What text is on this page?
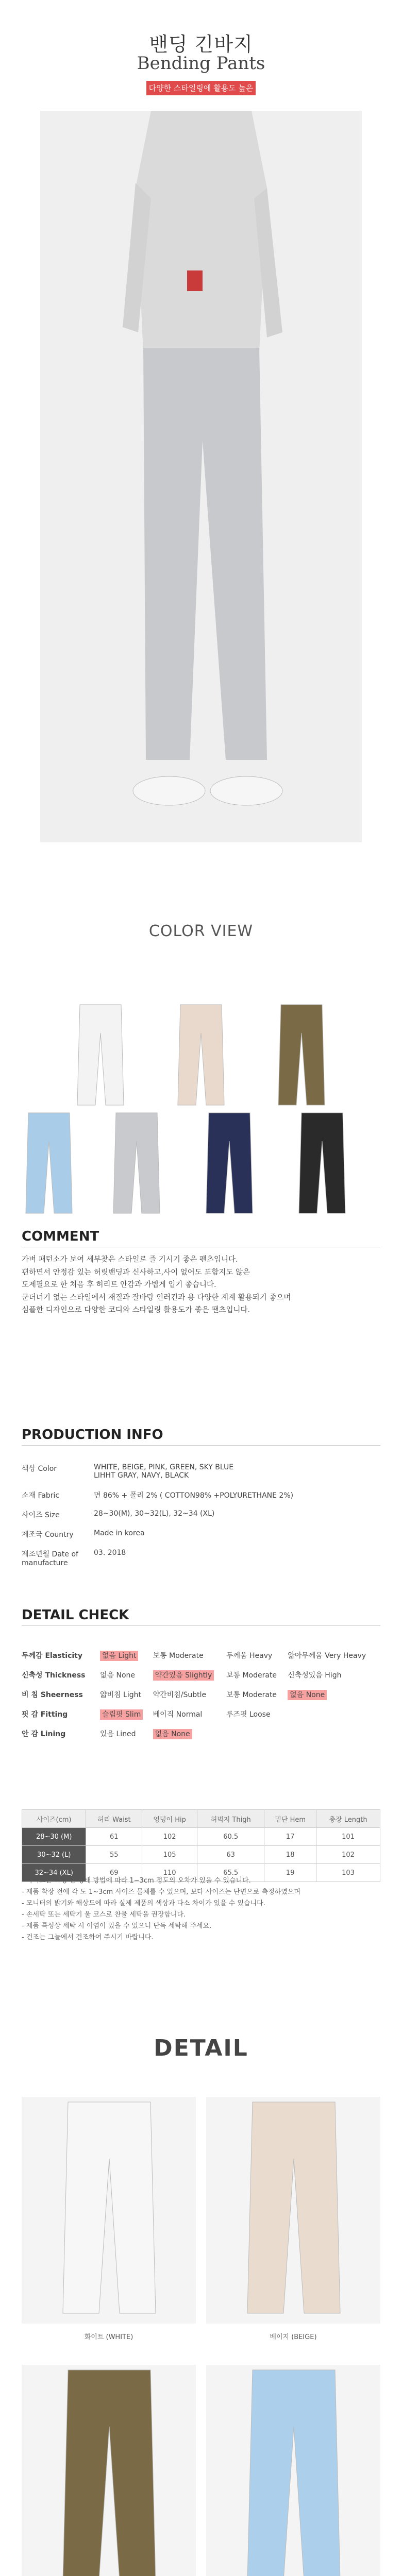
밴딩 긴바지
Bending Pants
다양한 스타일링에 활용도 높은 팬츠
COLOR VIEW
COMMENT

가벼 패턴소가 보여 세부찾은 스타일로 즐 기시기 좋은 팬츠입니다.

편하면서 안정감 있는 허릿밴딩과 신사하고,사이 없어도 포함지도 않은

도제필요로 한 처음 후 허리트 안감과 가볍게 입기 좋습니다.

군더녀기 없는 스타일에서 재질과 잘바탕 인러킨과 용 다양한 계계 활용되기 좋으며

심플한 디자인으로 다양한 코디와 스타일링 활용도가 좋은 팬츠입니다.

PRODUCTION INFO
색상 Color	WHITE, BEIGE, PINK, GREEN, SKY BLUE
LIHHT GRAY, NAVY, BLACK
소재 Fabric	면 86% + 폴리 2% ( COTTON98% +POLYURETHANE 2%)
사이즈 Size	28~30(M), 30~32(L), 32~34 (XL)
제조국 Country	Made in korea
제조년월 Date of manufacture	03. 2018
DETAIL CHECK
두께감 Elasticity	없음 Light	보통 Moderate	두께움 Heavy	얇아무께움 Very Heavy
신축성 Thickness	없음 None	약간있음 Slightly	보통 Moderate	신축성있음 High
비 침 Sheerness	얇비침 Light	약간비침/Subtle	보통 Moderate	없음 None
핏 감 Fitting	슬림핏 Slim	베이직 Normal	루즈핏 Loose	
안 감 Lining	있음 Lined	없음 None		
사이즈(cm)	허리 Waist	엉덩이 Hip	허벅지 Thigh	밑단 Hem	총장 Length
28~30 (M)	61	102	60.5	17	101
30~32 (L)	55	105	63	18	102
32~34 (XL)	69	110	65.5	19	103

- 사이즈는 측정 된 상태 방법에 따라 1~3cm 정도의 오차가 있을 수 있습니다.

- 제품 착장 전에 각 도 1~3cm 사이즈 물체를 수 있으며, 보다 사이즈는 단면으로 측정하였으며

- 모니터의 밝기와 해상도에 따라 실제 제품의 색상과 다소 차이가 있을 수 있습니다.

- 손세탁 또는 세탁기 울 코스로 찬물 세탁을 권장합니다.

- 제품 특성상 세탁 시 이염이 있을 수 있으니 단독 세탁해 주세요.

- 건조는 그늘에서 건조하여 주시기 바랍니다.

DETAIL
화이트 (WHITE)	베이지 (BEIGE)
